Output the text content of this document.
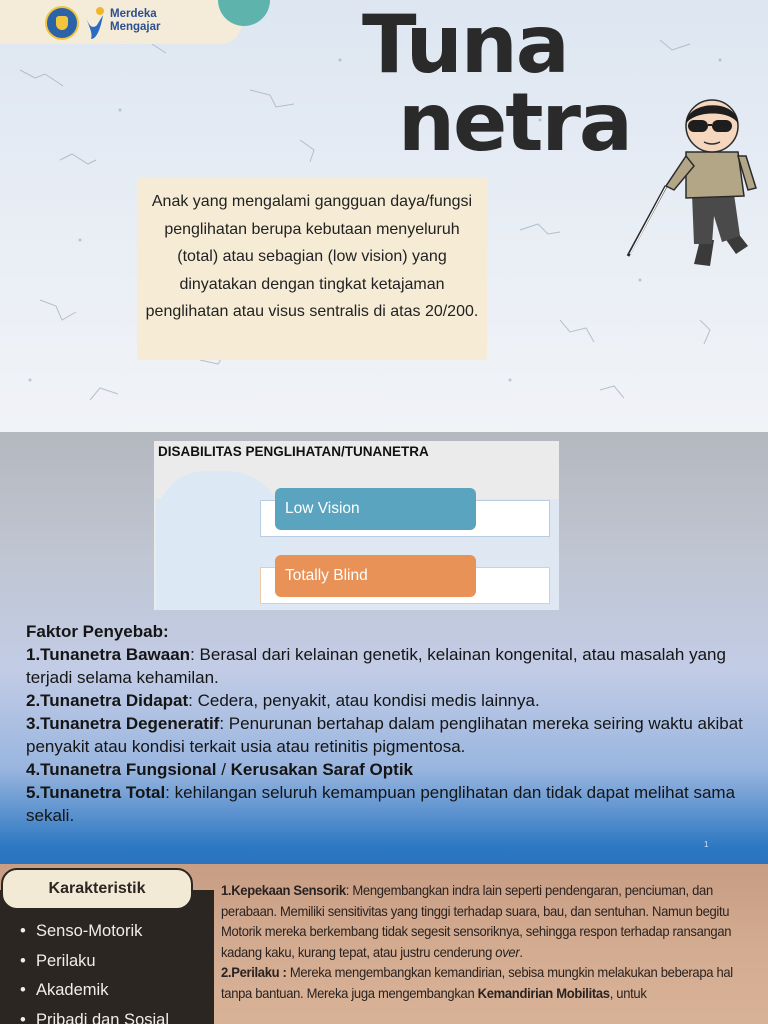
Merdeka
Mengajar	Tuna
netra

Anak yang mengalami gangguan daya/fungsi penglihatan berupa kebutaan menyeluruh (total) atau sebagian (low vision) yang dinyatakan dengan tingkat ketajaman penglihatan atau visus sentralis di atas 20/200.

DISABILITAS PENGLIHATAN/TUNANETRA
Low Vision
Totally Blind
Faktor Penyebab:
1.Tunanetra Bawaan: Berasal dari kelainan genetik, kelainan kongenital, atau masalah yang terjadi selama kehamilan.
2.Tunanetra Didapat: Cedera, penyakit, atau kondisi medis lainnya.
3.Tunanetra Degeneratif: Penurunan bertahap dalam penglihatan mereka seiring waktu akibat penyakit atau kondisi terkait usia atau retinitis pigmentosa.
4.Tunanetra Fungsional / Kerusakan Saraf Optik
5.Tunanetra Total: kehilangan seluruh kemampuan penglihatan dan tidak dapat melihat sama sekali.
1
Karakteristik
• Senso-Motorik
• Perilaku
• Akademik
• Pribadi dan Sosial
1.Kepekaan Sensorik: Mengembangkan indra lain seperti pendengaran, penciuman, dan perabaan. Memiliki sensitivitas yang tinggi terhadap suara, bau, dan sentuhan. Namun begitu Motorik mereka berkembang tidak segesit sensoriknya, sehingga respon terhadap ransangan kadang kaku, kurang tepat, atau justru cenderung over.
2.Perilaku : Mereka mengembangkan kemandirian, sebisa mungkin melakukan beberapa hal tanpa bantuan. Mereka juga mengembangkan Kemandirian Mobilitas, untuk
